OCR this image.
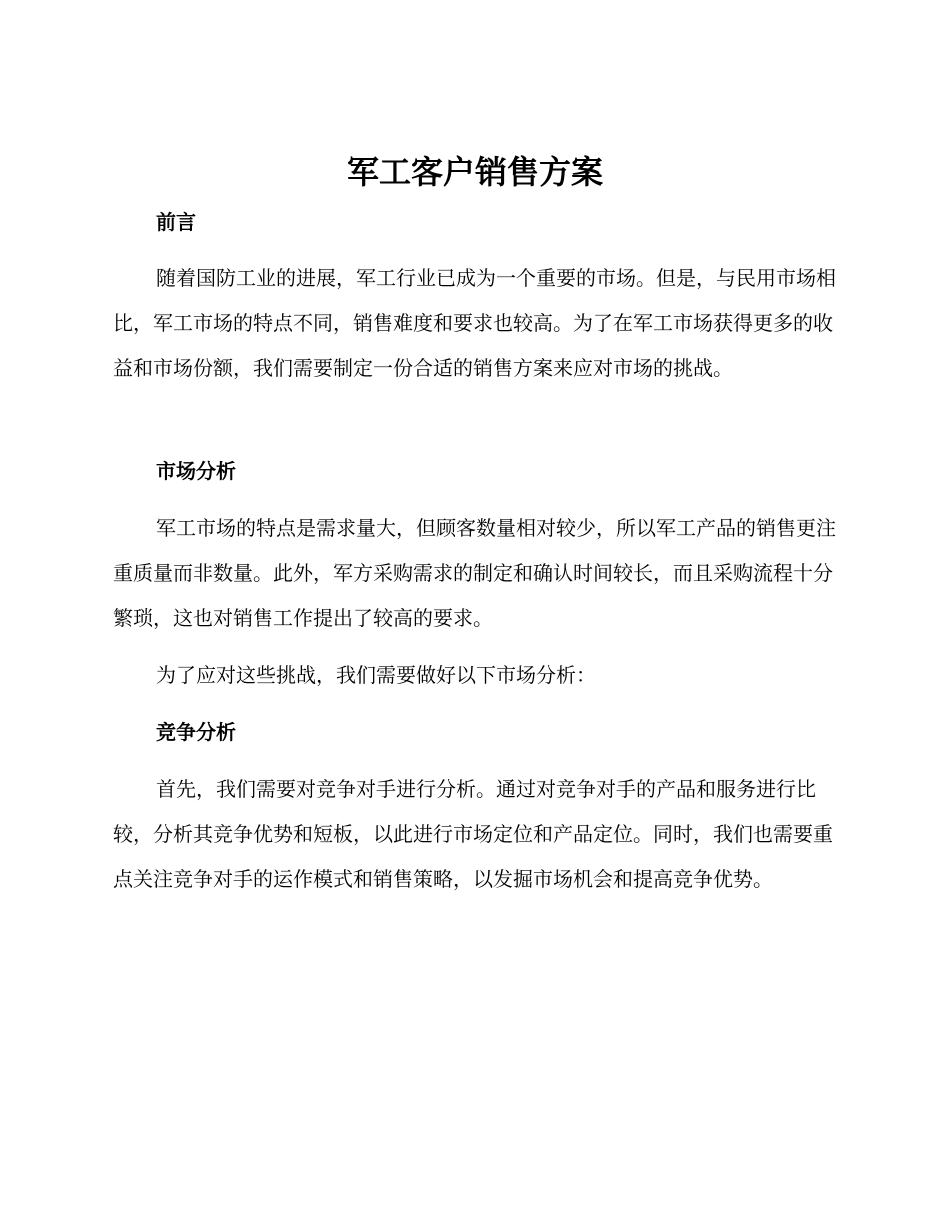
军工客户销售方案
前言
随着国防工业的进展，军工行业已成为一个重要的市场。但是，与民用市场相比，军工市场的特点不同，销售难度和要求也较高。为了在军工市场获得更多的收益和市场份额，我们需要制定一份合适的销售方案来应对市场的挑战。
市场分析
军工市场的特点是需求量大，但顾客数量相对较少，所以军工产品的销售更注重质量而非数量。此外，军方采购需求的制定和确认时间较长，而且采购流程十分繁琐，这也对销售工作提出了较高的要求。
为了应对这些挑战，我们需要做好以下市场分析：
竞争分析
首先，我们需要对竞争对手进行分析。通过对竞争对手的产品和服务进行比较，分析其竞争优势和短板，以此进行市场定位和产品定位。同时，我们也需要重点关注竞争对手的运作模式和销售策略，以发掘市场机会和提高竞争优势。
